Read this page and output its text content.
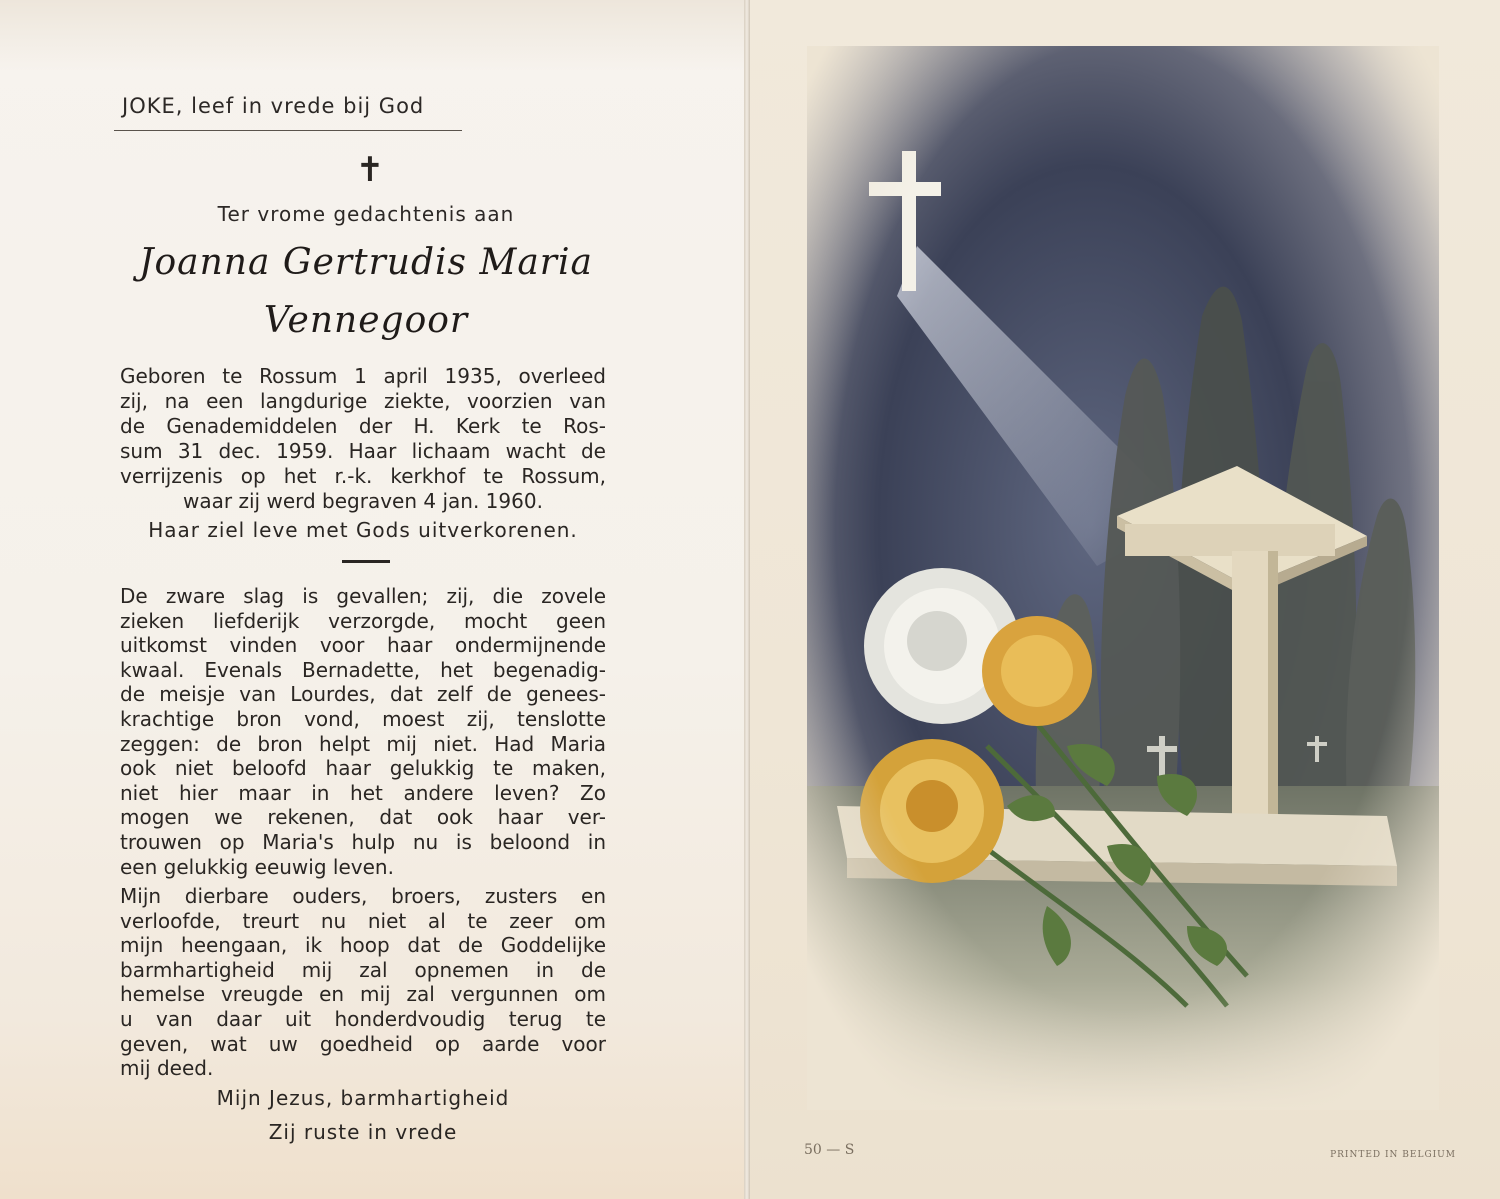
JOKE, leef in vrede bij God
✝
Ter vrome gedachtenis aan
Joanna Gertrudis Maria
Vennegoor
Geboren te Rossum 1 april 1935, overleed
zij, na een langdurige ziekte, voorzien van
de Genademiddelen der H. Kerk te Ros-
sum 31 dec. 1959. Haar lichaam wacht de
verrijzenis op het r.-k. kerkhof te Rossum,
waar zij werd begraven 4 jan. 1960.
Haar ziel leve met Gods uitverkorenen.
De zware slag is gevallen; zij, die zovele
zieken liefderijk verzorgde, mocht geen
uitkomst vinden voor haar ondermijnende
kwaal. Evenals Bernadette, het begenadig-
de meisje van Lourdes, dat zelf de genees-
krachtige bron vond, moest zij, tenslotte
zeggen: de bron helpt mij niet. Had Maria
ook niet beloofd haar gelukkig te maken,
niet hier maar in het andere leven? Zo
mogen we rekenen, dat ook haar ver-
trouwen op Maria's hulp nu is beloond in
een gelukkig eeuwig leven.
Mijn dierbare ouders, broers, zusters en
verloofde, treurt nu niet al te zeer om
mijn heengaan, ik hoop dat de Goddelijke
barmhartigheid mij zal opnemen in de
hemelse vreugde en mij zal vergunnen om
u van daar uit honderdvoudig terug te
geven, wat uw goedheid op aarde voor
mij deed.
Mijn Jezus, barmhartigheid
Zij ruste in vrede
50 — S	PRINTED IN BELGIUM
